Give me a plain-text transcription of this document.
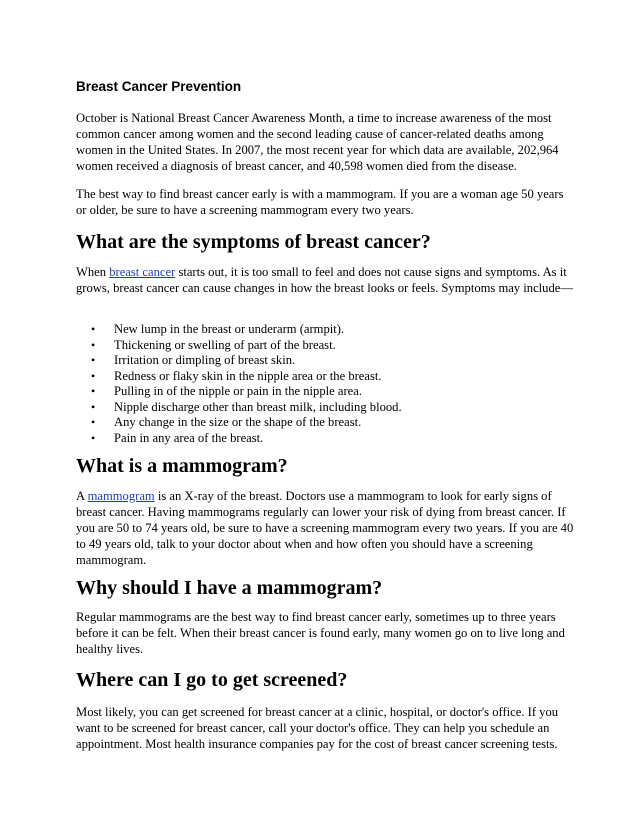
Breast Cancer Prevention

October is National Breast Cancer Awareness Month, a time to increase awareness of the most common cancer among women and the second leading cause of cancer-related deaths among women in the United States. In 2007, the most recent year for which data are available, 202,964 women received a diagnosis of breast cancer, and 40,598 women died from the disease.

The best way to find breast cancer early is with a mammogram. If you are a woman age 50 years or older, be sure to have a screening mammogram every two years.

What are the symptoms of breast cancer?

When breast cancer starts out, it is too small to feel and does not cause signs and symptoms. As it grows, breast cancer can cause changes in how the breast looks or feels. Symptoms may include—

• New lump in the breast or underarm (armpit).
• Thickening or swelling of part of the breast.
• Irritation or dimpling of breast skin.
• Redness or flaky skin in the nipple area or the breast.
• Pulling in of the nipple or pain in the nipple area.
• Nipple discharge other than breast milk, including blood.
• Any change in the size or the shape of the breast.
• Pain in any area of the breast.
What is a mammogram?

A mammogram is an X-ray of the breast. Doctors use a mammogram to look for early signs of breast cancer. Having mammograms regularly can lower your risk of dying from breast cancer. If you are 50 to 74 years old, be sure to have a screening mammogram every two years. If you are 40 to 49 years old, talk to your doctor about when and how often you should have a screening mammogram.

Why should I have a mammogram?

Regular mammograms are the best way to find breast cancer early, sometimes up to three years before it can be felt. When their breast cancer is found early, many women go on to live long and healthy lives.

Where can I go to get screened?

Most likely, you can get screened for breast cancer at a clinic, hospital, or doctor's office. If you want to be screened for breast cancer, call your doctor's office. They can help you schedule an appointment. Most health insurance companies pay for the cost of breast cancer screening tests.
